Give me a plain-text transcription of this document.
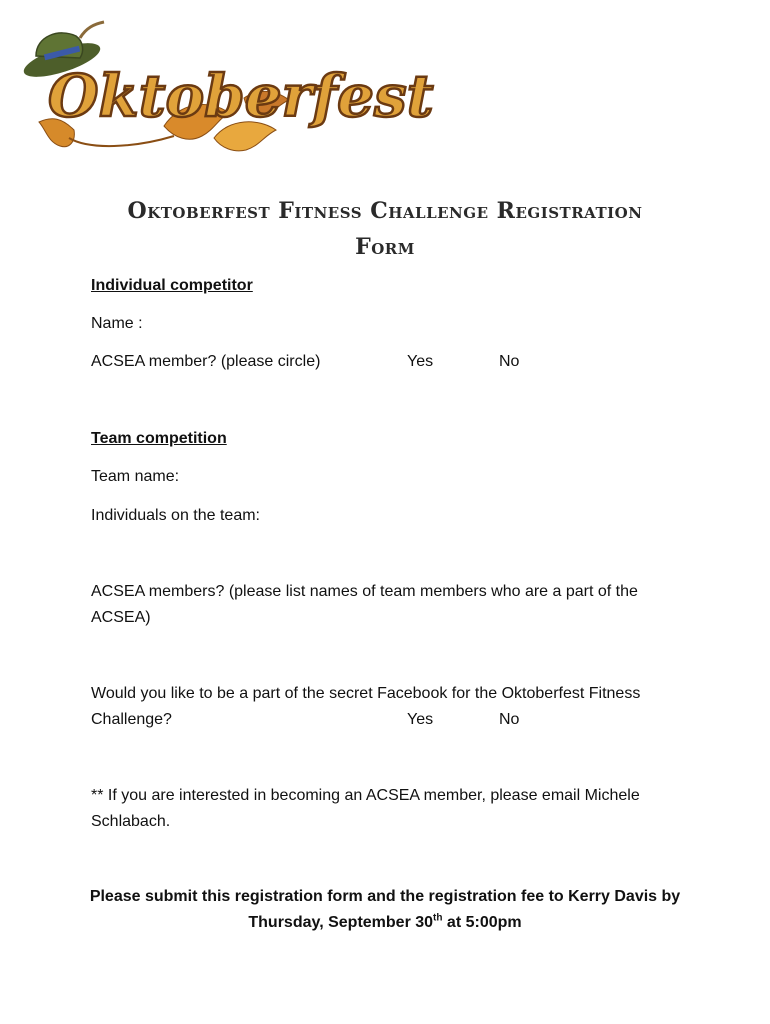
Oktoberfest
Oktoberfest Fitness Challenge Registration
Form
Individual competitor
Name :
ACSEA member? (please circle)	Yes	No
Team competition
Team name:
Individuals on the team:
ACSEA members? (please list names of team members who are a part of the
ACSEA)
Would you like to be a part of the secret Facebook for the Oktoberfest Fitness
Challenge?	Yes	No
** If you are interested in becoming an ACSEA member, please email Michele
Schlabach.
Please submit this registration form and the registration fee to Kerry Davis by
Thursday, September 30th at 5:00pm
